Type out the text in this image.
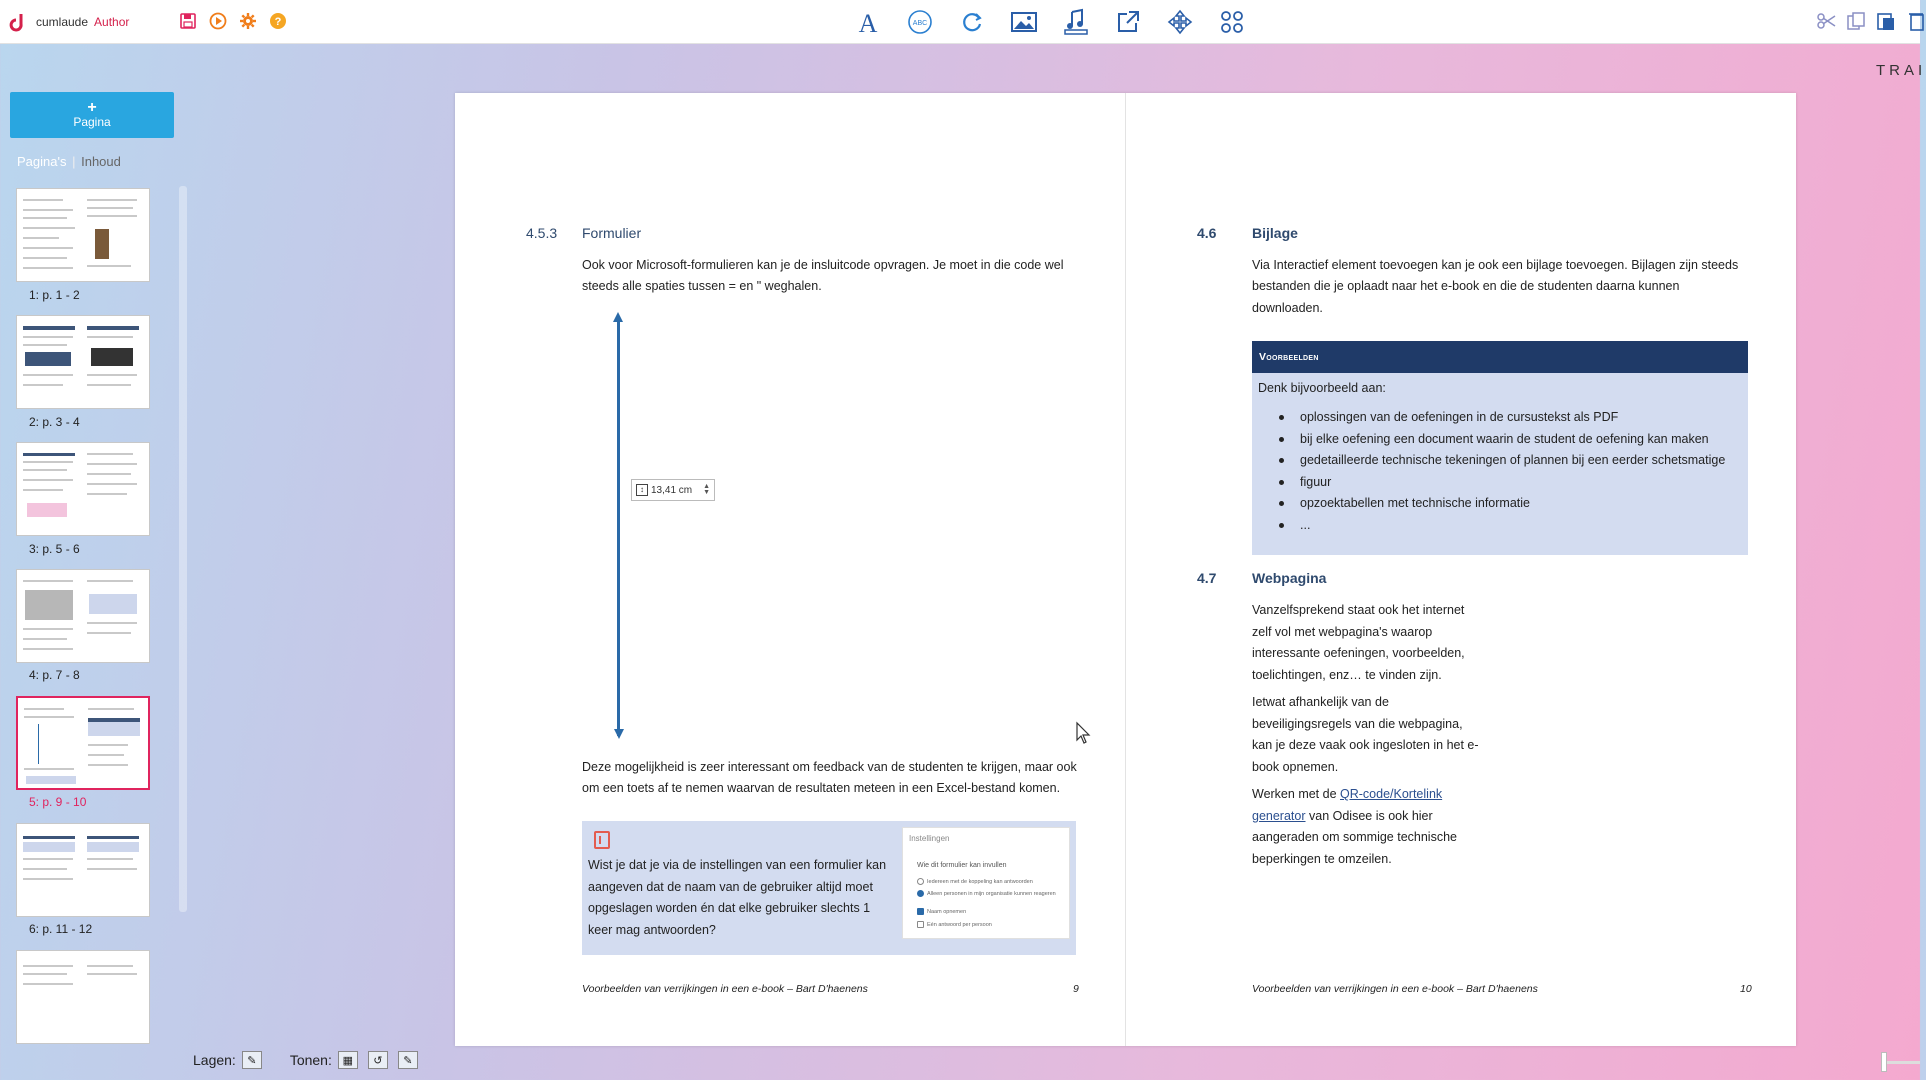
cumlaude Author	?	A	ABC
TRAI
+
Pagina
Pagina's | Inhoud
1: p. 1 - 2
2: p. 3 - 4
3: p. 5 - 6
4: p. 7 - 8
5: p. 9 - 10
6: p. 11 - 12
Lagen:	✎	Tonen: ▦	↺	✎
4.5.3 Formulier
Ook voor Microsoft-formulieren kan je de insluitcode opvragen. Je moet in die code wel
steeds alle spaties tussen = en " weghalen.
↕ 13,41 cm ▲
▼
Deze mogelijkheid is zeer interessant om feedback van de studenten te krijgen, maar ook
om een toets af te nemen waarvan de resultaten meteen in een Excel-bestand komen.
Wist je dat je via de instellingen van een formulier kan
aangeven dat de naam van de gebruiker altijd moet
opgeslagen worden én dat elke gebruiker slechts 1
keer mag antwoorden?
Instellingen
Wie dit formulier kan invullen
Iedereen met de koppeling kan antwoorden
Alleen personen in mijn organisatie kunnen reageren
Naam opnemen
Eén antwoord per persoon
Voorbeelden van verrijkingen in een e-book – Bart D'haenens	9
4.6	Bijlage
Via Interactief element toevoegen kan je ook een bijlage toevoegen. Bijlagen zijn steeds
bestanden die je oplaadt naar het e-book en die de studenten daarna kunnen
downloaden.
Voorbeelden
Denk bijvoorbeeld aan:
oplossingen van de oefeningen in de cursustekst als PDF
bij elke oefening een document waarin de student de oefening kan maken
gedetailleerde technische tekeningen of plannen bij een eerder schetsmatige
figuur
opzoektabellen met technische informatie
...
4.7	Webpagina
Vanzelfsprekend staat ook het internet
zelf vol met webpagina's waarop
interessante oefeningen, voorbeelden,
toelichtingen, enz… te vinden zijn.
Ietwat afhankelijk van de
beveiligingsregels van die webpagina,
kan je deze vaak ook ingesloten in het e-
book opnemen.
Werken met de QR-code/Kortelink
generator van Odisee is ook hier
aangeraden om sommige technische
beperkingen te omzeilen.
Voorbeelden van verrijkingen in een e-book – Bart D'haenens	10
